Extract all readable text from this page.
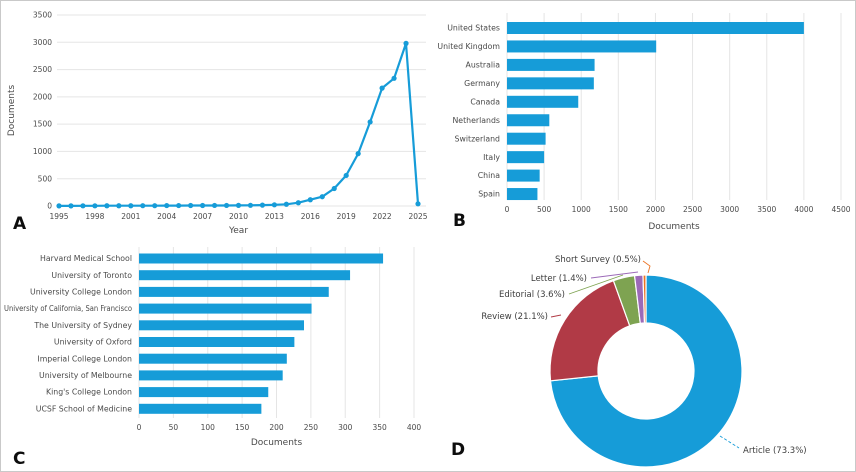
0
500
1000
1500
2000
2500
3000
3500
1995 1998 2001 2004 2007 2010 2013 2016 2019 2022 2025
Year
Documents
A
0	500	1000 1500 2000 2500 3000 3500 4000 4500
United States
United Kingdom
Australia
Germany
Canada
Netherlands
Switzerland
Italy
China
Spain
Documents
B
0	50	100	150	200	250	300	350	400
Harvard Medical School
University of Toronto
University College London
University of California, San Francisco
The University of Sydney
University of Oxford
Imperial College London
University of Melbourne
King's College London
UCSF School of Medicine
Documents
C	Article (73.3%)
Review (21.1%)
Editorial (3.6%)
Letter (1.4%)
Short Survey (0.5%)
D
